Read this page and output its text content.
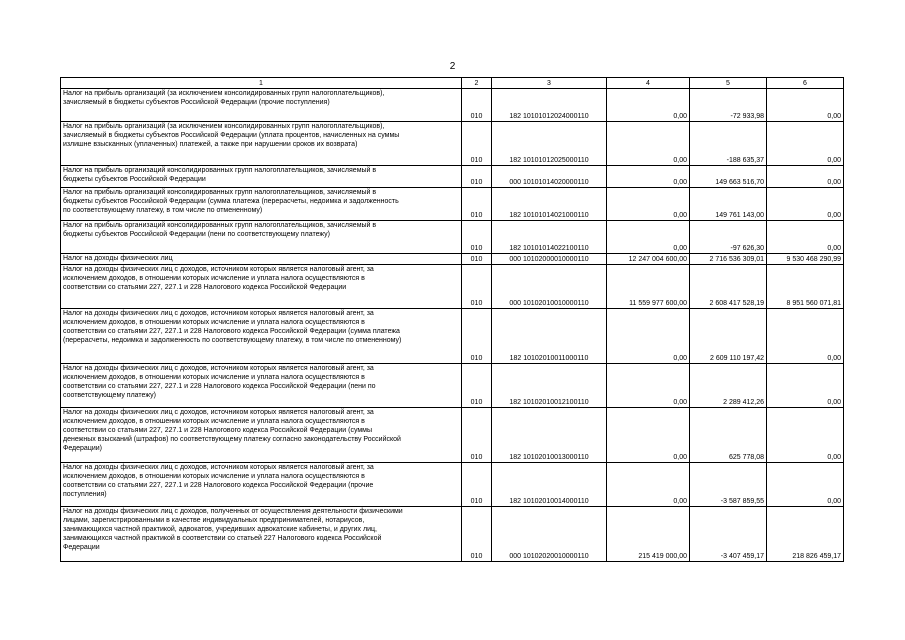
2
1	2	3	4	5	6
Налог на прибыль организаций (за исключением консолидированных групп налогоплательщиков),
зачисляемый в бюджеты субъектов Российской Федерации (прочие поступления)	010	182 10101012024000110	0,00	-72 933,98	0,00
Налог на прибыль организаций (за исключением консолидированных групп налогоплательщиков),
зачисляемый в бюджеты субъектов Российской Федерации (уплата процентов, начисленных на суммы
излишне взысканных (уплаченных) платежей, а также при нарушении сроков их возврата)	010	182 10101012025000110	0,00	-188 635,37	0,00
Налог на прибыль организаций консолидированных групп налогоплательщиков, зачисляемый в
бюджеты субъектов Российской Федерации	010	000 10101014020000110	0,00	149 663 516,70	0,00
Налог на прибыль организаций консолидированных групп налогоплательщиков, зачисляемый в
бюджеты субъектов Российской Федерации (сумма платежа (перерасчеты, недоимка и задолженность
по соответствующему платежу, в том числе по отмененному)	010	182 10101014021000110	0,00	149 761 143,00	0,00
Налог на прибыль организаций консолидированных групп налогоплательщиков, зачисляемый в
бюджеты субъектов Российской Федерации (пени по соответствующему платежу)	010	182 10101014022100110	0,00	-97 626,30	0,00
Налог на доходы физических лиц	010	000 10102000010000110	12 247 004 600,00	2 716 536 309,01	9 530 468 290,99
Налог на доходы физических лиц с доходов, источником которых является налоговый агент, за
исключением доходов, в отношении которых исчисление и уплата налога осуществляются в
соответствии со статьями 227, 227.1 и 228 Налогового кодекса Российской Федерации	010	000 10102010010000110	11 559 977 600,00	2 608 417 528,19	8 951 560 071,81
Налог на доходы физических лиц с доходов, источником которых является налоговый агент, за
исключением доходов, в отношении которых исчисление и уплата налога осуществляются в
соответствии со статьями 227, 227.1 и 228 Налогового кодекса Российской Федерации (сумма платежа
(перерасчеты, недоимка и задолженность по соответствующему платежу, в том числе по отмененному)	010	182 10102010011000110	0,00	2 609 110 197,42	0,00
Налог на доходы физических лиц с доходов, источником которых является налоговый агент, за
исключением доходов, в отношении которых исчисление и уплата налога осуществляются в
соответствии со статьями 227, 227.1 и 228 Налогового кодекса Российской Федерации (пени по
соответствующему платежу)	010	182 10102010012100110	0,00	2 289 412,26	0,00
Налог на доходы физических лиц с доходов, источником которых является налоговый агент, за
исключением доходов, в отношении которых исчисление и уплата налога осуществляются в
соответствии со статьями 227, 227.1 и 228 Налогового кодекса Российской Федерации (суммы
денежных взысканий (штрафов) по соответствующему платежу согласно законодательству Российской
Федерации)	010	182 10102010013000110	0,00	625 778,08	0,00
Налог на доходы физических лиц с доходов, источником которых является налоговый агент, за
исключением доходов, в отношении которых исчисление и уплата налога осуществляются в
соответствии со статьями 227, 227.1 и 228 Налогового кодекса Российской Федерации (прочие
поступления)	010	182 10102010014000110	0,00	-3 587 859,55	0,00
Налог на доходы физических лиц с доходов, полученных от осуществления деятельности физическими
лицами, зарегистрированными в качестве индивидуальных предпринимателей, нотариусов,
занимающихся частной практикой, адвокатов, учредивших адвокатские кабинеты, и других лиц,
занимающихся частной практикой в соответствии со статьей 227 Налогового кодекса Российской
Федерации	010	000 10102020010000110	215 419 000,00	-3 407 459,17	218 826 459,17
